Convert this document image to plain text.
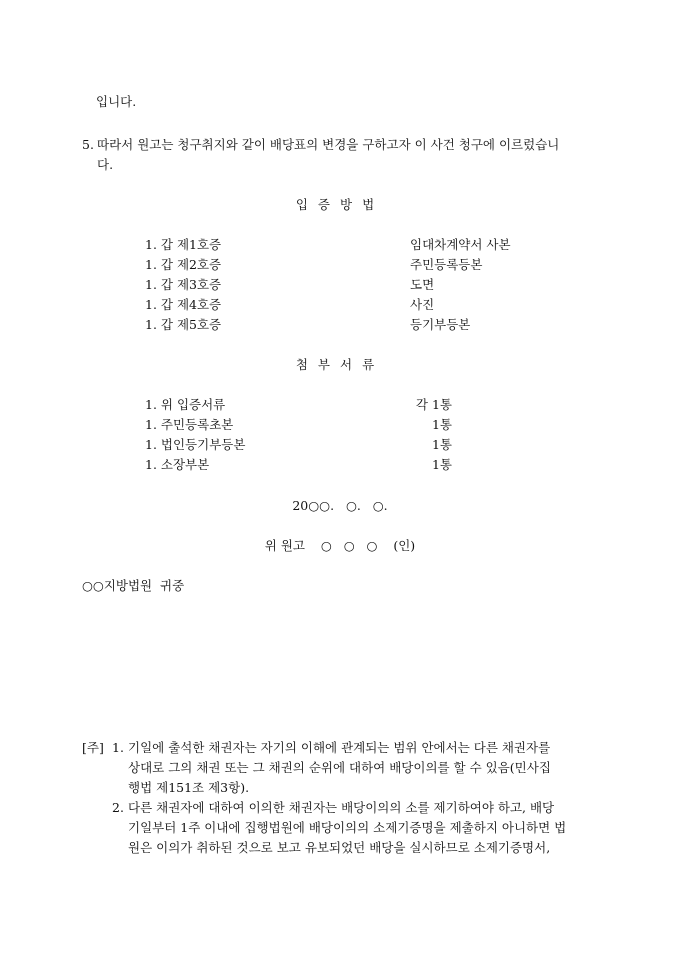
입니다.
5. 따라서 원고는 청구취지와 같이 배당표의 변경을 구하고자 이 사건 청구에 이르렀습니
다.
입증방법
1. 갑 제1호증	임대차계약서 사본
1. 갑 제2호증	주민등록등본
1. 갑 제3호증	도면
1. 갑 제4호증	사진
1. 갑 제5호증	등기부등본
첨부서류
1. 위 입증서류	각 1통
1. 주민등록초본	1통
1. 법인등기부등본	1통
1. 소장부본	1통
20○○.   ○.   ○.
위 원고    ○   ○   ○    (인)
○○지방법원  귀중
[주] 1. 기일에 출석한 채권자는 자기의 이해에 관계되는 범위 안에서는 다른 채권자를
상대로 그의 채권 또는 그 채권의 순위에 대하여 배당이의를 할 수 있음(민사집
행법 제151조 제3항).
2. 다른 채권자에 대하여 이의한 채권자는 배당이의의 소를 제기하여야 하고, 배당
기일부터 1주 이내에 집행법원에 배당이의의 소제기증명을 제출하지 아니하면 법
원은 이의가 취하된 것으로 보고 유보되었던 배당을 실시하므로 소제기증명서,
